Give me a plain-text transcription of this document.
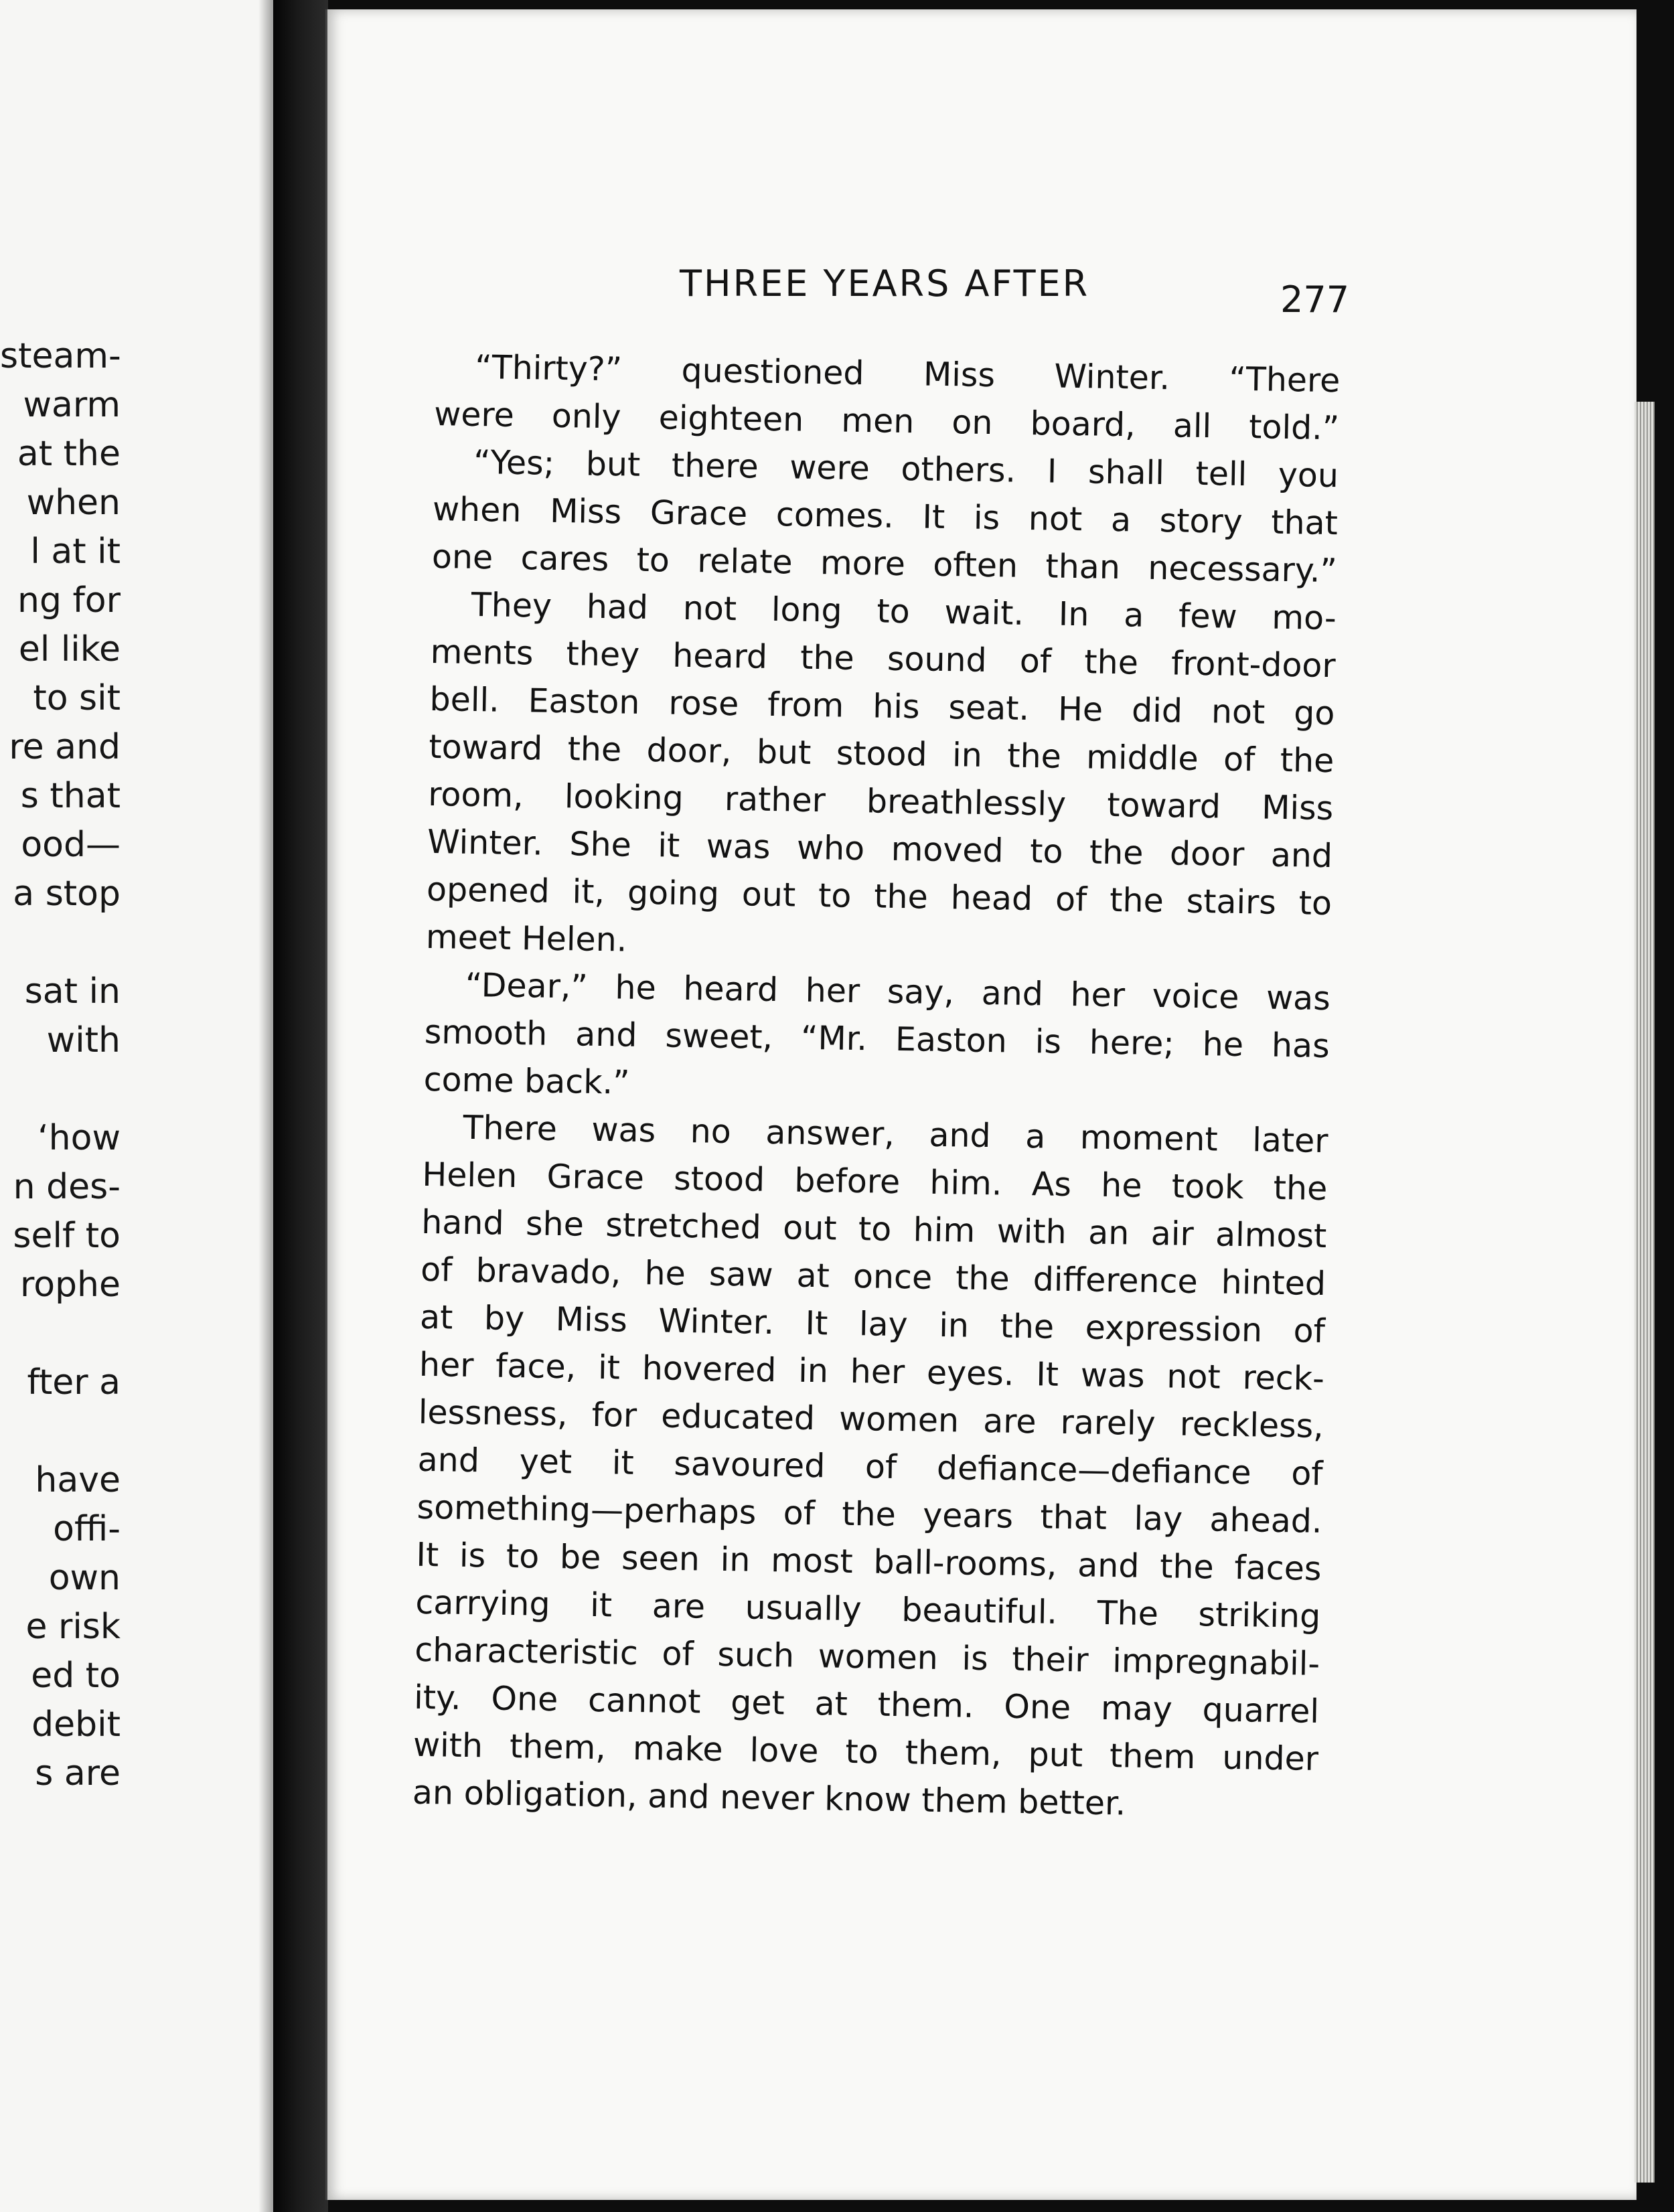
steam-
warm
at the
when
l at it
ng for
el like
to sit
re and
s that
ood—
a stop
sat in
with
‘how
n des-
self to
rophe
fter a
have
offi-
own
e risk
ed to
debit
s are
THREE YEARS AFTER	277
“Thirty?” questioned Miss Winter. “There
were only eighteen men on board, all told.”
“Yes; but there were others. I shall tell you
when Miss Grace comes. It is not a story that
one cares to relate more often than necessary.”
They had not long to wait. In a few mo-
ments they heard the sound of the front-door
bell. Easton rose from his seat. He did not go
toward the door, but stood in the middle of the
room, looking rather breathlessly toward Miss
Winter. She it was who moved to the door and
opened it, going out to the head of the stairs to
meet Helen.
“Dear,” he heard her say, and her voice was
smooth and sweet, “Mr. Easton is here; he has
come back.”
There was no answer, and a moment later
Helen Grace stood before him. As he took the
hand she stretched out to him with an air almost
of bravado, he saw at once the difference hinted
at by Miss Winter. It lay in the expression of
her face, it hovered in her eyes. It was not reck-
lessness, for educated women are rarely reckless,
and yet it savoured of defiance—defiance of
something—perhaps of the years that lay ahead.
It is to be seen in most ball-rooms, and the faces
carrying it are usually beautiful. The striking
characteristic of such women is their impregnabil-
ity. One cannot get at them. One may quarrel
with them, make love to them, put them under
an obligation, and never know them better.
